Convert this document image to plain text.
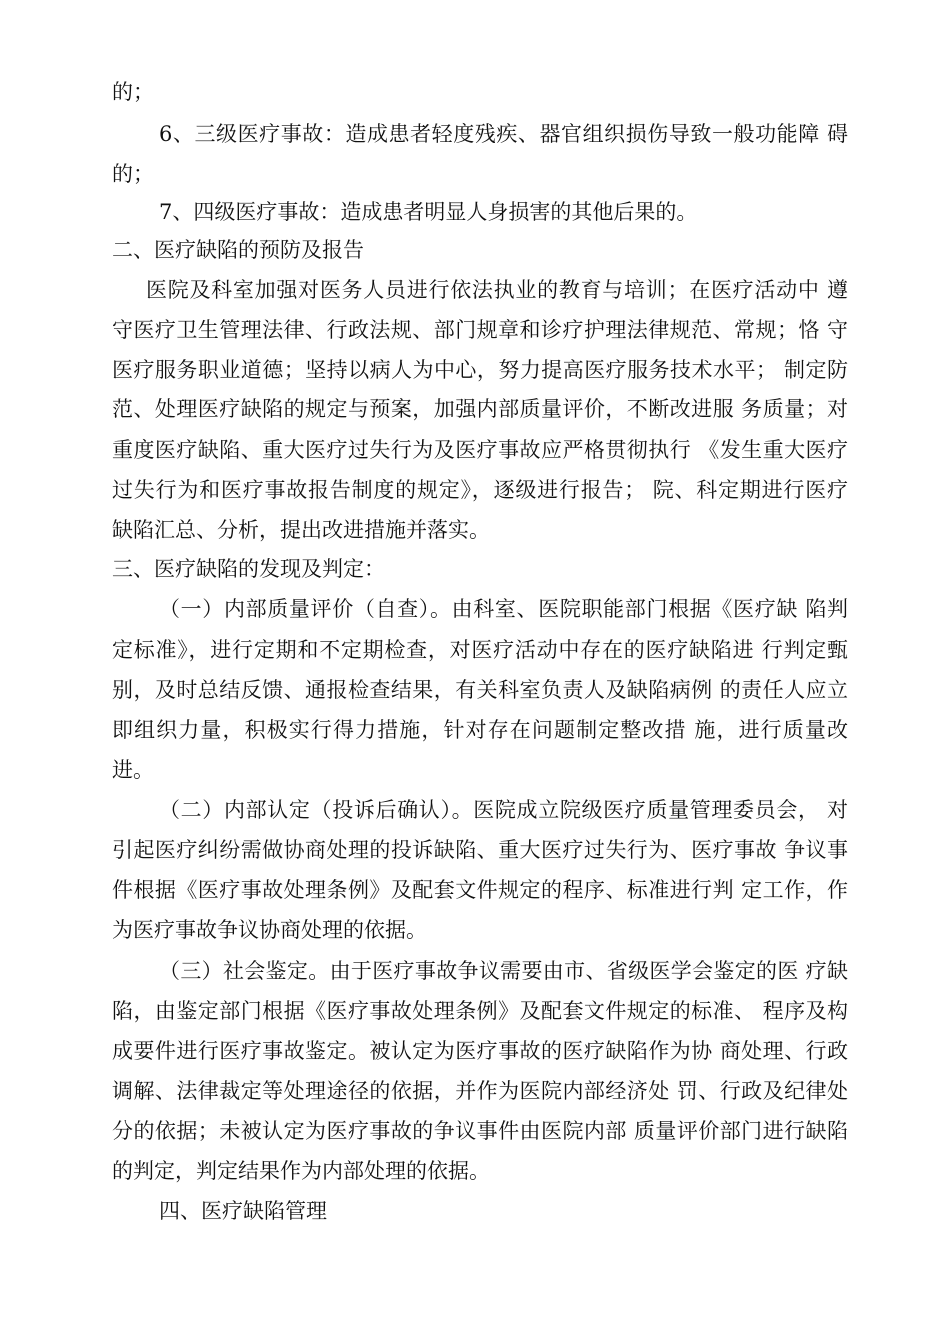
的；
6、三级医疗事故：造成患者轻度残疾、器官组织损伤导致一般功能障 碍
的；
7、四级医疗事故：造成患者明显人身损害的其他后果的。
二、医疗缺陷的预防及报告
医院及科室加强对医务人员进行依法执业的教育与培训；在医疗活动中 遵
守医疗卫生管理法律、行政法规、部门规章和诊疗护理法律规范、常规；恪 守
医疗服务职业道德；坚持以病人为中心，努力提高医疗服务技术水平； 制定防
范、处理医疗缺陷的规定与预案，加强内部质量评价，不断改进服 务质量；对
重度医疗缺陷、重大医疗过失行为及医疗事故应严格贯彻执行 《发生重大医疗
过失行为和医疗事故报告制度的规定》，逐级进行报告； 院、科定期进行医疗
缺陷汇总、分析，提出改进措施并落实。
三、医疗缺陷的发现及判定：
（一）内部质量评价（自查）。由科室、医院职能部门根据《医疗缺 陷判
定标准》，进行定期和不定期检查，对医疗活动中存在的医疗缺陷进 行判定甄
别，及时总结反馈、通报检查结果，有关科室负责人及缺陷病例 的责任人应立
即组织力量，积极实行得力措施，针对存在问题制定整改措 施，进行质量改
进。
（二）内部认定（投诉后确认）。医院成立院级医疗质量管理委员会， 对
引起医疗纠纷需做协商处理的投诉缺陷、重大医疗过失行为、医疗事故 争议事
件根据《医疗事故处理条例》及配套文件规定的程序、标准进行判 定工作，作
为医疗事故争议协商处理的依据。
（三）社会鉴定。由于医疗事故争议需要由市、省级医学会鉴定的医 疗缺
陷，由鉴定部门根据《医疗事故处理条例》及配套文件规定的标准、 程序及构
成要件进行医疗事故鉴定。被认定为医疗事故的医疗缺陷作为协 商处理、行政
调解、法律裁定等处理途径的依据，并作为医院内部经济处 罚、行政及纪律处
分的依据；未被认定为医疗事故的争议事件由医院内部 质量评价部门进行缺陷
的判定，判定结果作为内部处理的依据。
四、医疗缺陷管理
